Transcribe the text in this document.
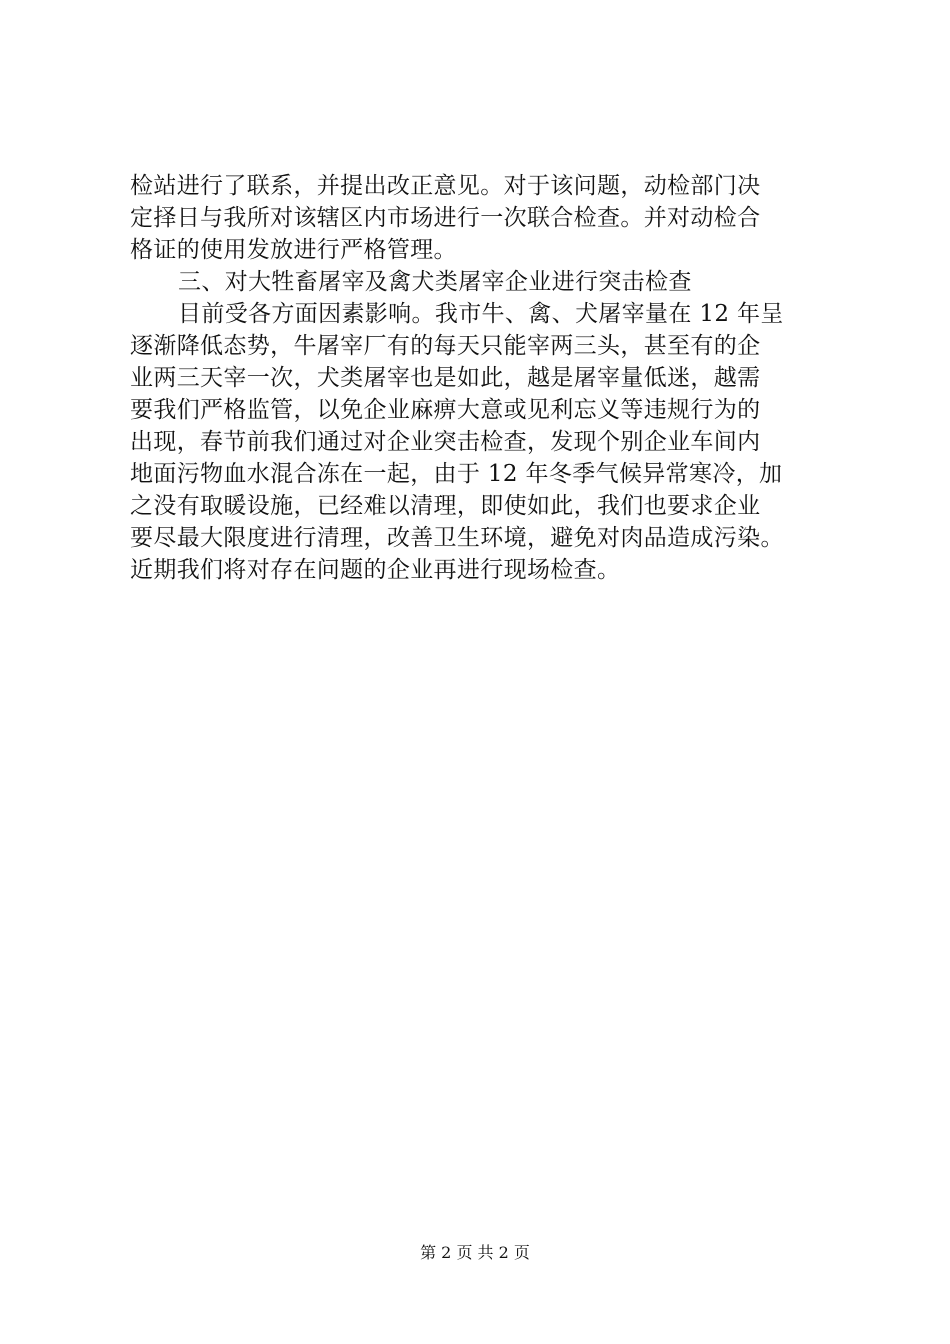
检站进行了联系，并提出改正意见。对于该问题，动检部门决
定择日与我所对该辖区内市场进行一次联合检查。并对动检合
格证的使用发放进行严格管理。
三、对大牲畜屠宰及禽犬类屠宰企业进行突击检查
目前受各方面因素影响。我市牛、禽、犬屠宰量在 12 年呈
逐渐降低态势，牛屠宰厂有的每天只能宰两三头，甚至有的企
业两三天宰一次，犬类屠宰也是如此，越是屠宰量低迷，越需
要我们严格监管，以免企业麻痹大意或见利忘义等违规行为的
出现，春节前我们通过对企业突击检查，发现个别企业车间内
地面污物血水混合冻在一起，由于 12 年冬季气候异常寒冷，加
之没有取暖设施，已经难以清理，即使如此，我们也要求企业
要尽最大限度进行清理，改善卫生环境，避免对肉品造成污染。
近期我们将对存在问题的企业再进行现场检查。
第 2 页 共 2 页
